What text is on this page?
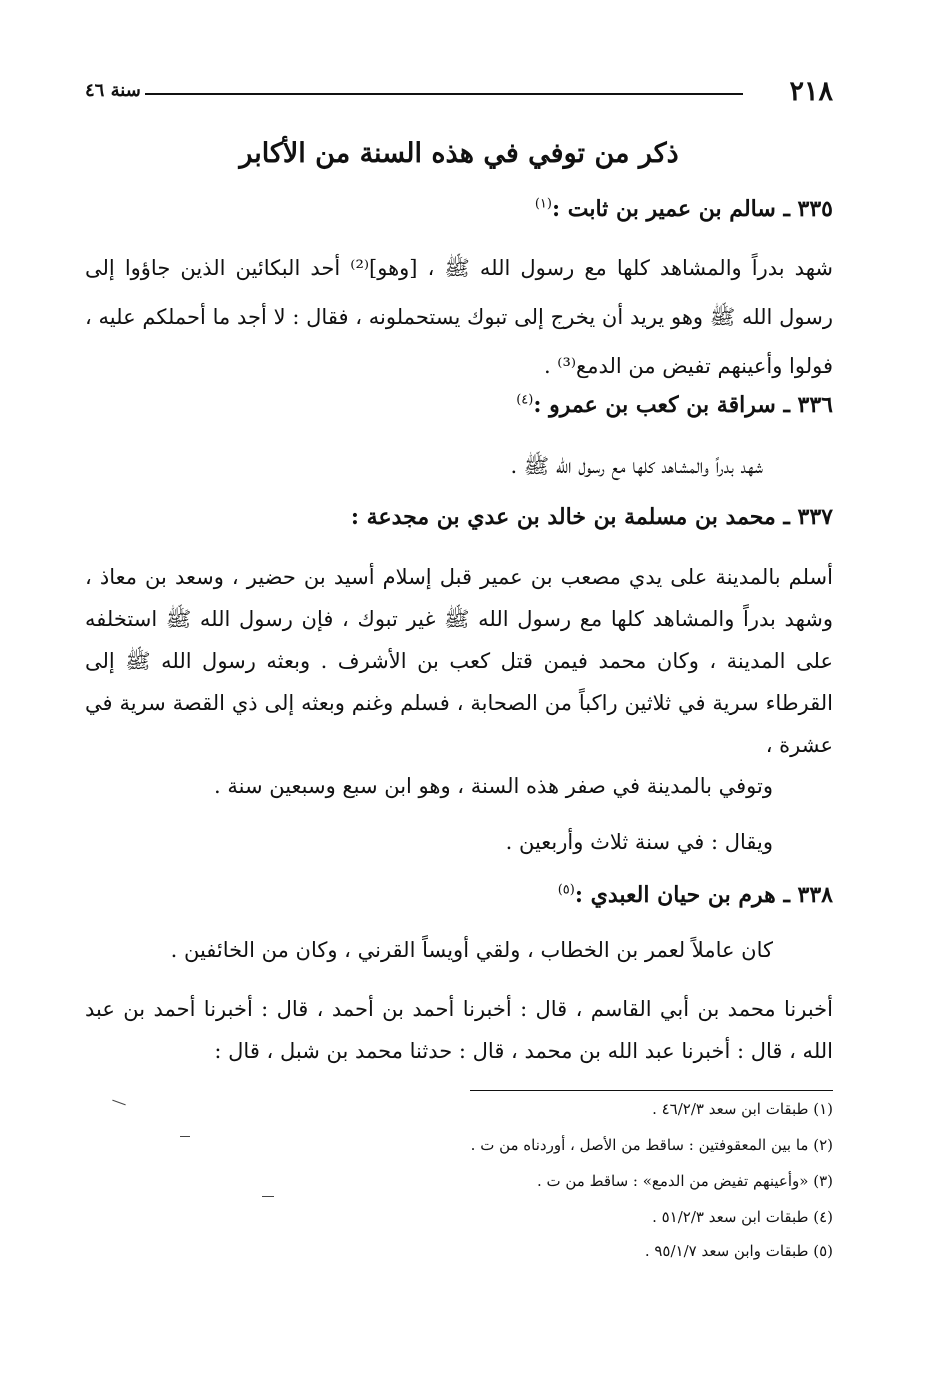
٢١٨
سنة ٤٦
ذكر من توفي في هذه السنة من الأكابر
٣٣٥ ـ سالم بن عمير بن ثابت :$^{(١)}$
شهد بدراً والمشاهد كلها مع رسول الله ﷺ ، [وهو]⁽²⁾ أحد البكائين الذين جاؤوا إلى رسول الله ﷺ وهو يريد أن يخرج إلى تبوك يستحملونه ، فقال : لا أجد ما أحملكم عليه ، فولوا وأعينهم تفيض من الدمع⁽³⁾ .
٣٣٦ ـ سراقة بن كعب بن عمرو :$^{(٤)}$
شهد بدراً والمشاهد كلها مع رسول الله ﷺ .
٣٣٧ ـ محمد بن مسلمة بن خالد بن عدي بن مجدعة :
أسلم بالمدينة على يدي مصعب بن عمير قبل إسلام أسيد بن حضير ، وسعد بن معاذ ، وشهد بدراً والمشاهد كلها مع رسول الله ﷺ غير تبوك ، فإن رسول الله ﷺ استخلفه على المدينة ، وكان محمد فيمن قتل كعب بن الأشرف . وبعثه رسول الله ﷺ إلى القرطاء سرية في ثلاثين راكباً من الصحابة ، فسلم وغنم وبعثه إلى ذي القصة سرية في عشرة ،
وتوفي بالمدينة في صفر هذه السنة ، وهو ابن سبع وسبعين سنة .
ويقال : في سنة ثلاث وأربعين .
٣٣٨ ـ هرم بن حيان العبدي :$^{(٥)}$
كان عاملاً لعمر بن الخطاب ، ولقي أويساً القرني ، وكان من الخائفين .
أخبرنا محمد بن أبي القاسم ، قال : أخبرنا أحمد بن أحمد ، قال : أخبرنا أحمد بن عبد الله ، قال : أخبرنا عبد الله بن محمد ، قال : حدثنا محمد بن شبل ، قال :
(١) طبقات ابن سعد ٤٦/٢/٣ .
(٢) ما بين المعقوفتين : ساقط من الأصل ، أوردناه من ت .
(٣) «وأعينهم تفيض من الدمع» : ساقط من ت .
(٤) طبقات ابن سعد ٥١/٢/٣ .
(٥) طبقات وابن سعد ٩٥/١/٧ .
